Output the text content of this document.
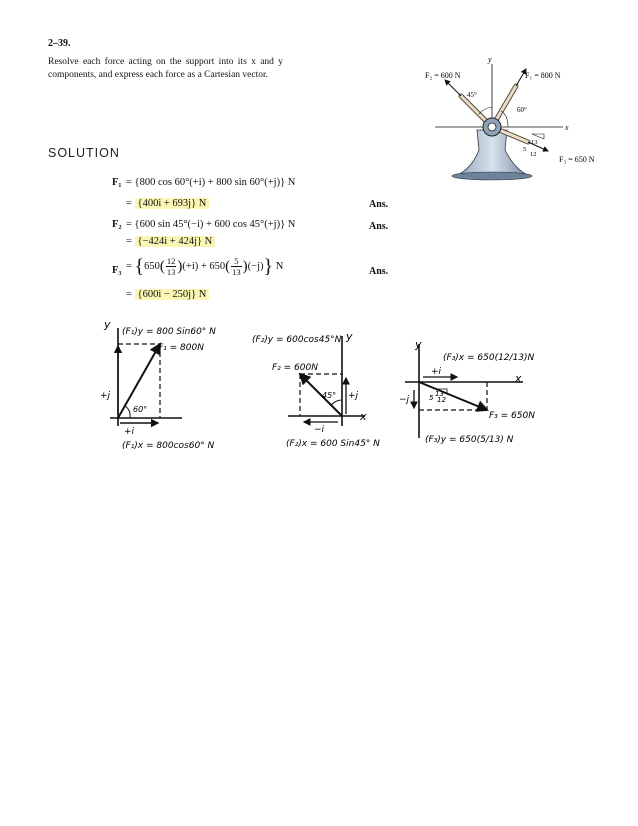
2–39.
Resolve each force acting on the support into its x and y components, and express each force as a Cartesian vector.
y
x
F₂ = 600 N	F₁ = 800 N
F₃ = 650 N
45°
60°
13
5
12
SOLUTION
F₁ = {800 cos 60°(+i) + 800 sin 60°(+j)} N
= {400i + 693j} N	Ans.
F₂ = {600 sin 45°(−i) + 600 cos 45°(+j)} N
= {−424i + 424j} N
Ans.
$F_3 = \{650( \frac{12}{13} )(+i) + 650( \frac{5}{13} )(-j)\}$ N	Ans.
= {600i − 250j} N
y
(F₁)y = 800 Sin60° N
F₁ = 800N
+j
+i
60°
(F₁)x = 800cos60° N
(F₂)y = 600cos45°N
F₂ = 600N
y
x
45° +j
−i
(F₂)x = 600 Sin45° N
y
(F₃)x = 650(12/13)N
+i	x
−j
13
5 12
F₃ = 650N
(F₃)y = 650(5/13) N
